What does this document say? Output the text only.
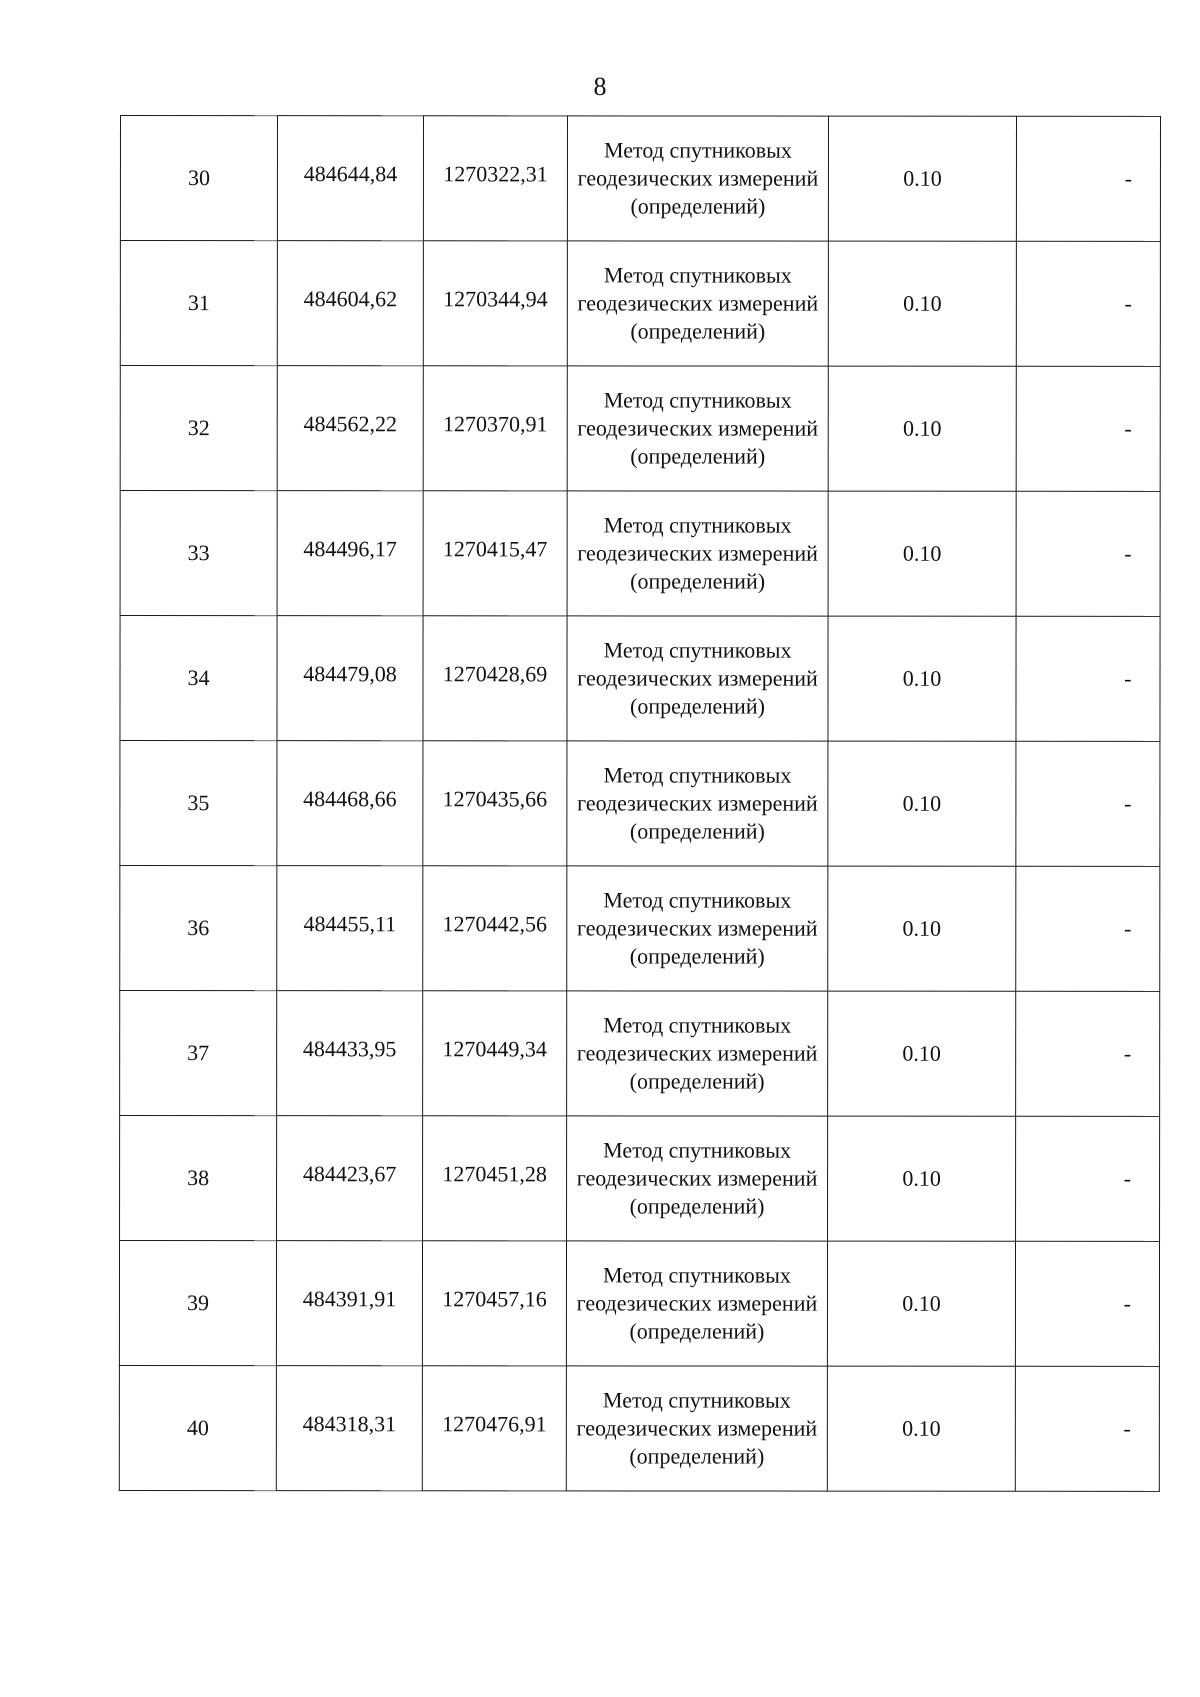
8
30	484644,84	1270322,31	Метод спутниковых геодезических измерений (определений)	0.10	-
31	484604,62	1270344,94	Метод спутниковых геодезических измерений (определений)	0.10	-
32	484562,22	1270370,91	Метод спутниковых геодезических измерений (определений)	0.10	-
33	484496,17	1270415,47	Метод спутниковых геодезических измерений (определений)	0.10	-
34	484479,08	1270428,69	Метод спутниковых геодезических измерений (определений)	0.10	-
35	484468,66	1270435,66	Метод спутниковых геодезических измерений (определений)	0.10	-
36	484455,11	1270442,56	Метод спутниковых геодезических измерений (определений)	0.10	-
37	484433,95	1270449,34	Метод спутниковых геодезических измерений (определений)	0.10	-
38	484423,67	1270451,28	Метод спутниковых геодезических измерений (определений)	0.10	-
39	484391,91	1270457,16	Метод спутниковых геодезических измерений (определений)	0.10	-
40	484318,31	1270476,91	Метод спутниковых геодезических измерений (определений)	0.10	-
